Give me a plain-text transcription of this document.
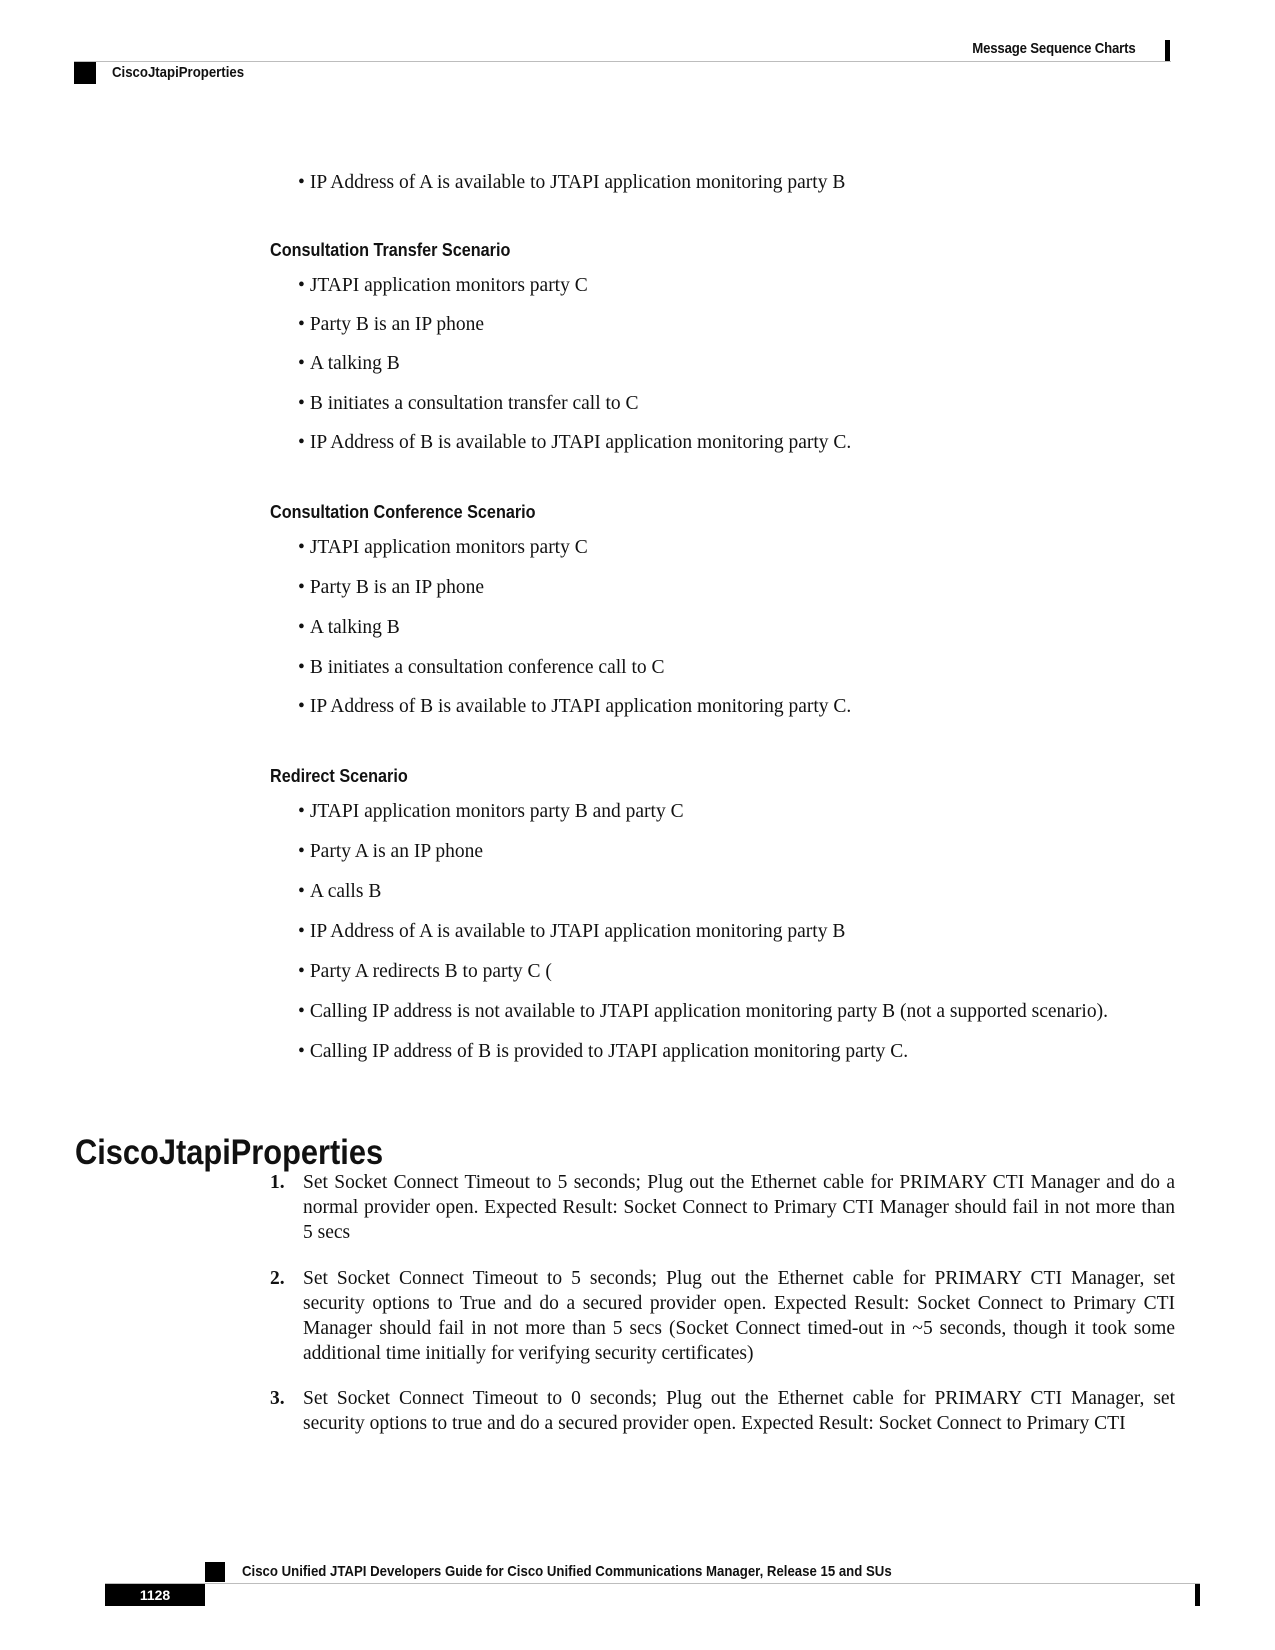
Message Sequence Charts
CiscoJtapiProperties
• IP Address of A is available to JTAPI application monitoring party B
Consultation Transfer Scenario
• JTAPI application monitors party C
• Party B is an IP phone
• A talking B
• B initiates a consultation transfer call to C
• IP Address of B is available to JTAPI application monitoring party C.
Consultation Conference Scenario
• JTAPI application monitors party C
• Party B is an IP phone
• A talking B
• B initiates a consultation conference call to C
• IP Address of B is available to JTAPI application monitoring party C.
Redirect Scenario
• JTAPI application monitors party B and party C
• Party A is an IP phone
• A calls B
• IP Address of A is available to JTAPI application monitoring party B
• Party A redirects B to party C (
• Calling IP address is not available to JTAPI application monitoring party B (not a supported scenario).
• Calling IP address of B is provided to JTAPI application monitoring party C.
CiscoJtapiProperties
1. Set Socket Connect Timeout to 5 seconds; Plug out the Ethernet cable for PRIMARY CTI Manager and do a normal provider open. Expected Result: Socket Connect to Primary CTI Manager should fail in not more than 5 secs
2. Set Socket Connect Timeout to 5 seconds; Plug out the Ethernet cable for PRIMARY CTI Manager, set security options to True and do a secured provider open. Expected Result: Socket Connect to Primary CTI Manager should fail in not more than 5 secs (Socket Connect timed-out in ~5 seconds, though it took some additional time initially for verifying security certificates)
3. Set Socket Connect Timeout to 0 seconds; Plug out the Ethernet cable for PRIMARY CTI Manager, set security options to true and do a secured provider open. Expected Result: Socket Connect to Primary CTI
Cisco Unified JTAPI Developers Guide for Cisco Unified Communications Manager, Release 15 and SUs
1128
